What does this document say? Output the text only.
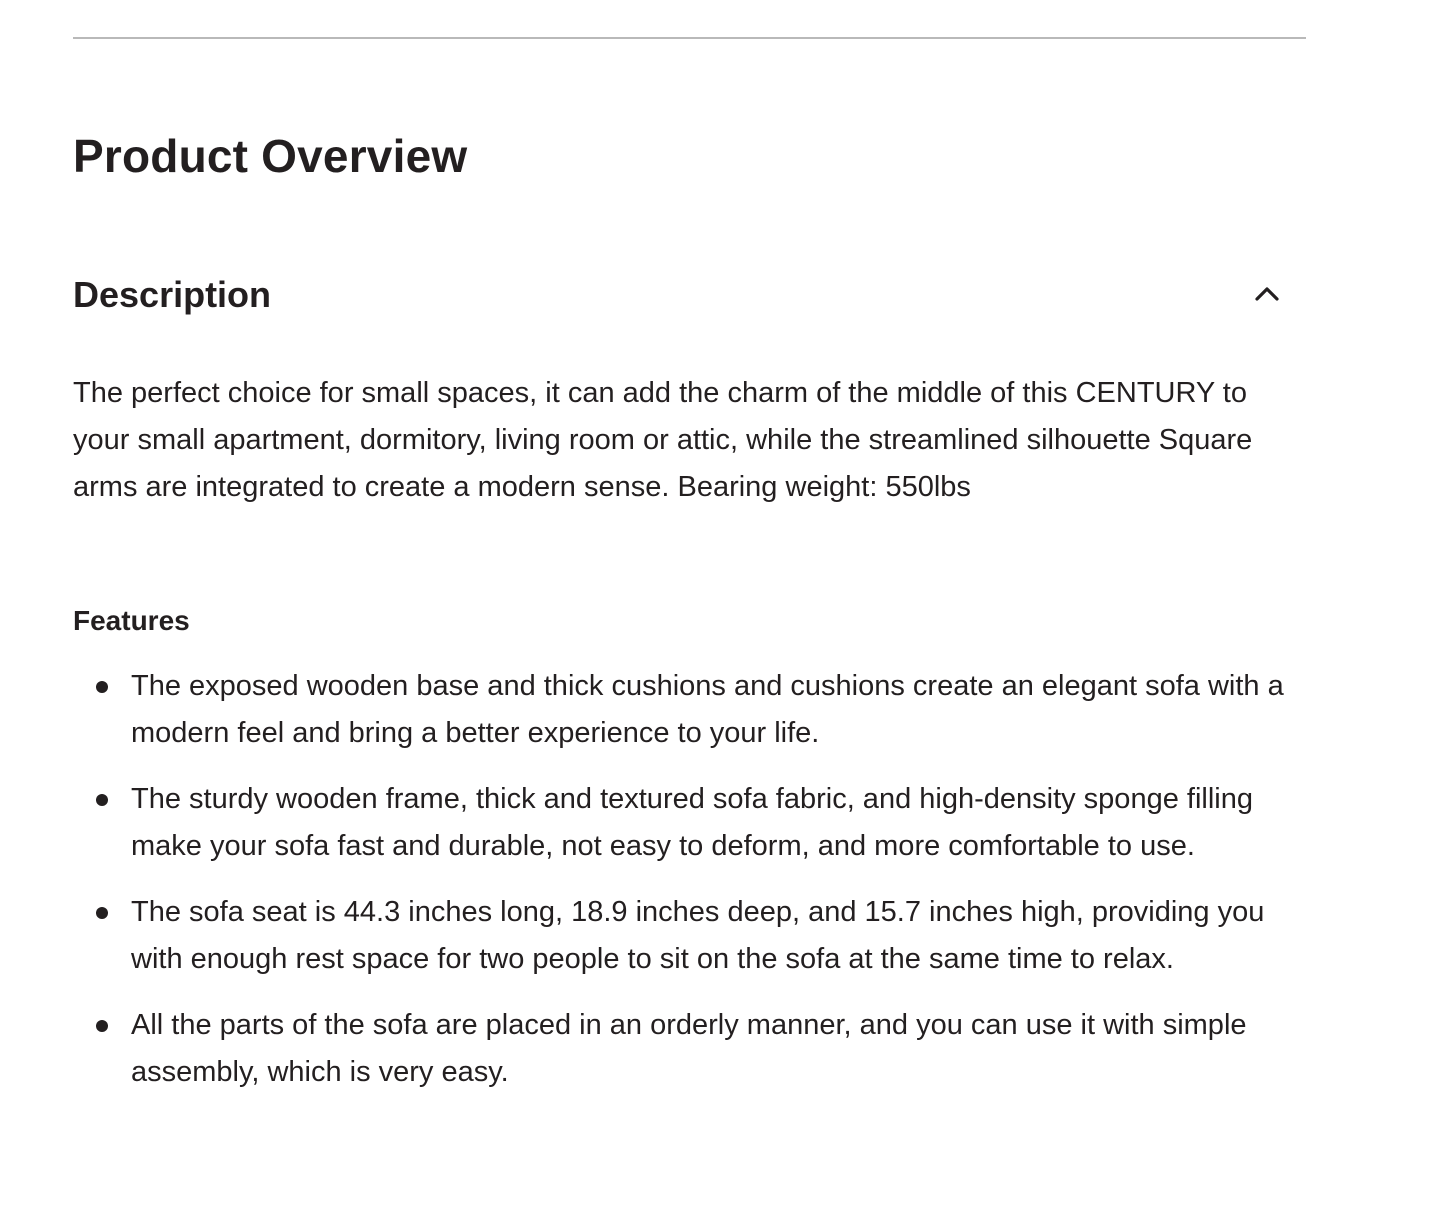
Product Overview
Description

The perfect choice for small spaces, it can add the charm of the middle of this CENTURY to your small apartment, dormitory, living room or attic, while the streamlined silhouette Square arms are integrated to create a modern sense. Bearing weight: 550lbs

Features
The exposed wooden base and thick cushions and cushions create an elegant sofa with a modern feel and bring a better experience to your life.
The sturdy wooden frame, thick and textured sofa fabric, and high-density sponge filling make your sofa fast and durable, not easy to deform, and more comfortable to use.
The sofa seat is 44.3 inches long, 18.9 inches deep, and 15.7 inches high, providing you with enough rest space for two people to sit on the sofa at the same time to relax.
All the parts of the sofa are placed in an orderly manner, and you can use it with simple assembly, which is very easy.
